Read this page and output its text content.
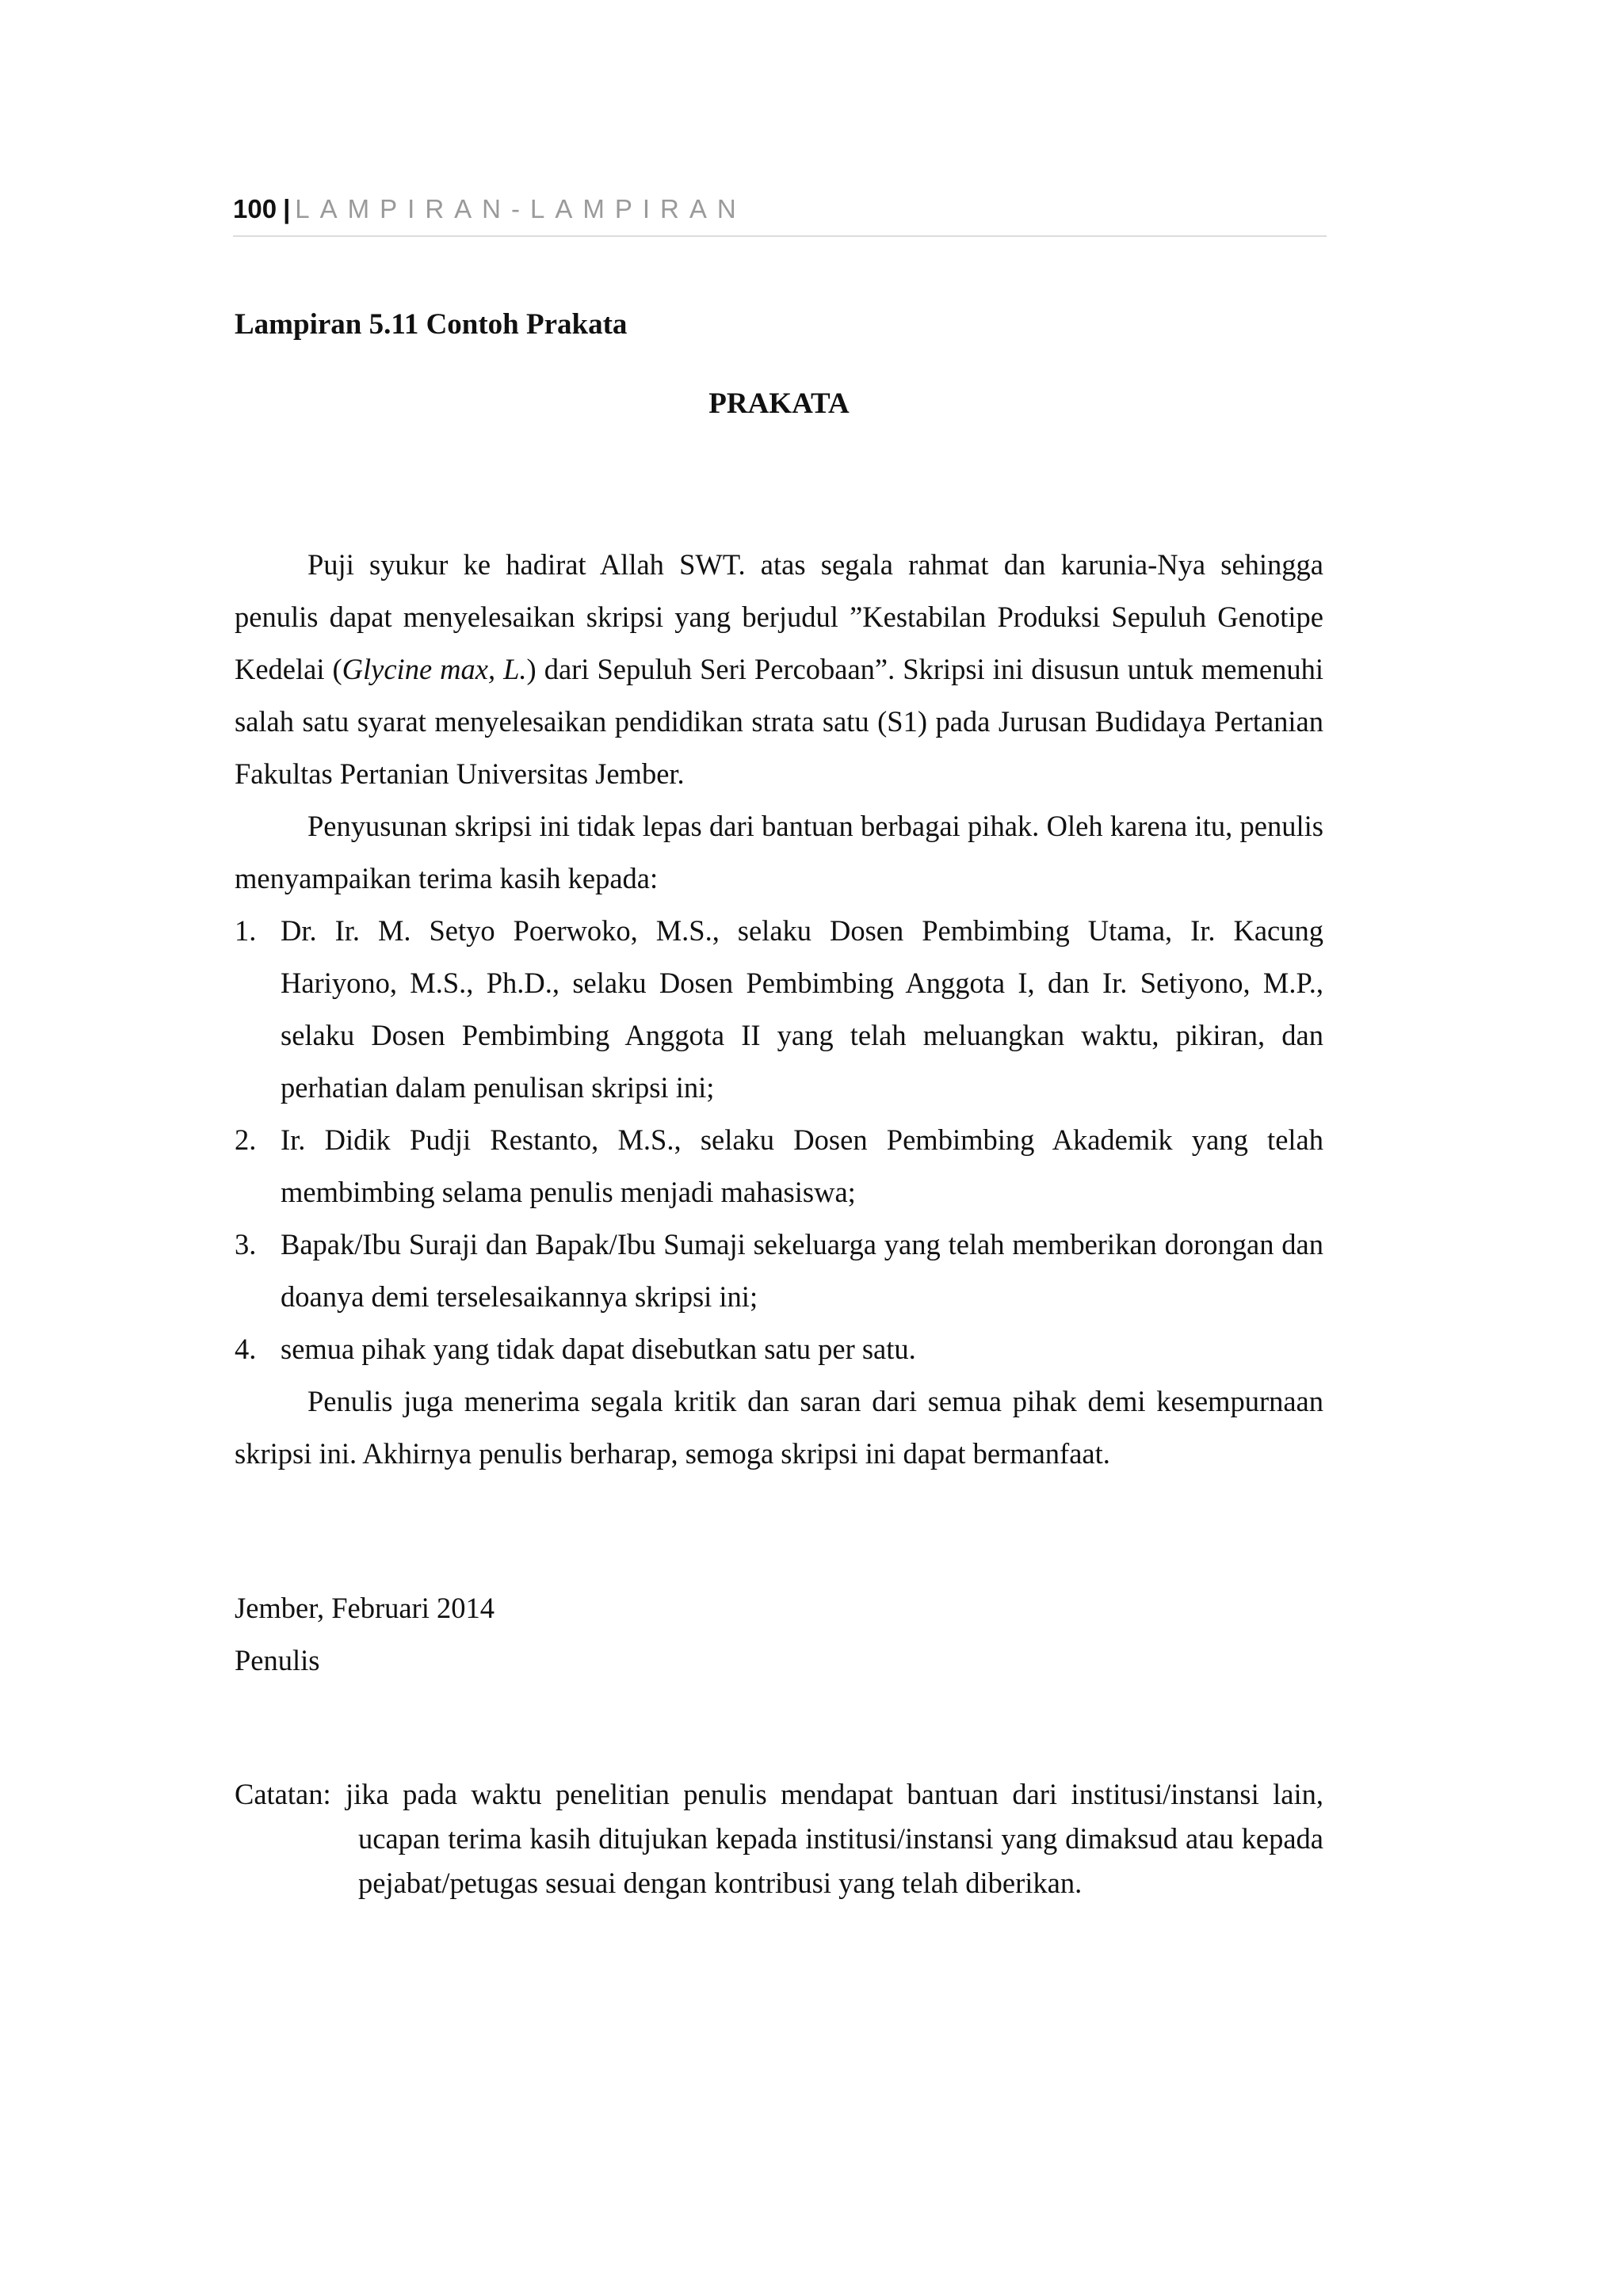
100 | LAMPIRAN-LAMPIRAN
Lampiran 5.11 Contoh Prakata
PRAKATA

Puji syukur ke hadirat Allah SWT. atas segala rahmat dan karunia-Nya sehingga penulis dapat menyelesaikan skripsi yang berjudul ”Kestabilan Produksi Sepuluh Genotipe Kedelai (Glycine max, L.) dari Sepuluh Seri Percobaan”. Skripsi ini disusun untuk memenuhi salah satu syarat menyelesaikan pendidikan strata satu (S1) pada Jurusan Budidaya Pertanian Fakultas Pertanian Universitas Jember.

Penyusunan skripsi ini tidak lepas dari bantuan berbagai pihak. Oleh karena itu, penulis menyampaikan terima kasih kepada:

1. Dr. Ir. M. Setyo Poerwoko, M.S., selaku Dosen Pembimbing Utama, Ir. Kacung Hariyono, M.S., Ph.D., selaku Dosen Pembimbing Anggota I, dan Ir. Setiyono, M.P., selaku Dosen Pembimbing Anggota II yang telah meluangkan waktu, pikiran, dan perhatian dalam penulisan skripsi ini;
2. Ir. Didik Pudji Restanto, M.S., selaku Dosen Pembimbing Akademik yang telah membimbing selama penulis menjadi mahasiswa;
3. Bapak/Ibu Suraji dan Bapak/Ibu Sumaji sekeluarga yang telah memberikan dorongan dan doanya demi terselesaikannya skripsi ini;
4. semua pihak yang tidak dapat disebutkan satu per satu.

Penulis juga menerima segala kritik dan saran dari semua pihak demi kesempurnaan skripsi ini. Akhirnya penulis berharap, semoga skripsi ini dapat bermanfaat.

Jember, Februari 2014
Penulis
Catatan: jika pada waktu penelitian penulis mendapat bantuan dari institusi/instansi lain, ucapan terima kasih ditujukan kepada institusi/instansi yang dimaksud atau kepada pejabat/petugas sesuai dengan kontribusi yang telah diberikan.
